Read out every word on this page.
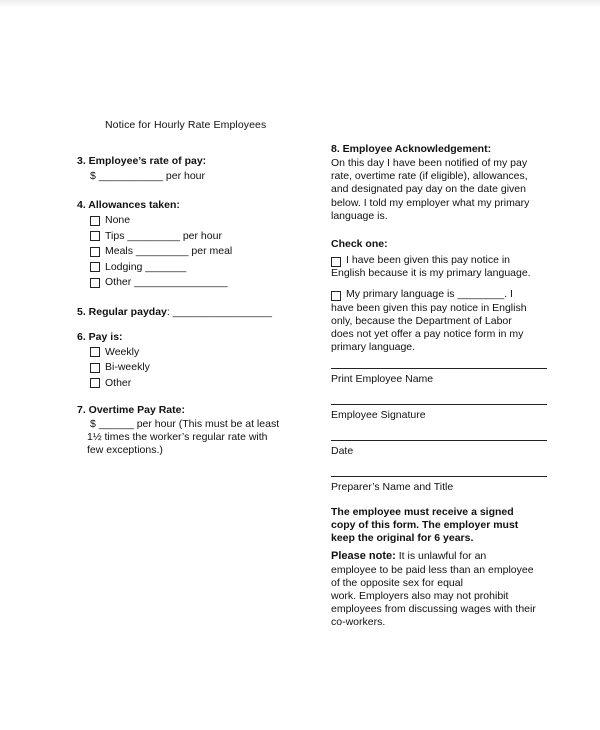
Notice for Hourly Rate Employees
3. Employee’s rate of pay:
$ ___________ per hour
4. Allowances taken:
None
Tips _________ per hour
Meals _________ per meal
Lodging _______
Other ________________
5. Regular payday: _________________
6. Pay is:
Weekly
Bi-weekly
Other
7. Overtime Pay Rate:
$ ______ per hour (This must be at least
1½ times the worker’s regular rate with
few exceptions.)
8. Employee Acknowledgement:
On this day I have been notified of my pay
rate, overtime rate (if eligible), allowances,
and designated pay day on the date given
below. I told my employer what my primary
language is.
Check one:
I have been given this pay notice in
English because it is my primary language.
My primary language is ________. I
have been given this pay notice in English
only, because the Department of Labor
does not yet offer a pay notice form in my
primary language.
Print Employee Name
Employee Signature
Date
Preparer’s Name and Title
The employee must receive a signed
copy of this form. The employer must
keep the original for 6 years.
Please note: It is unlawful for an
employee to be paid less than an employee
of the opposite sex for equal
work. Employers also may not prohibit
employees from discussing wages with their
co-workers.
